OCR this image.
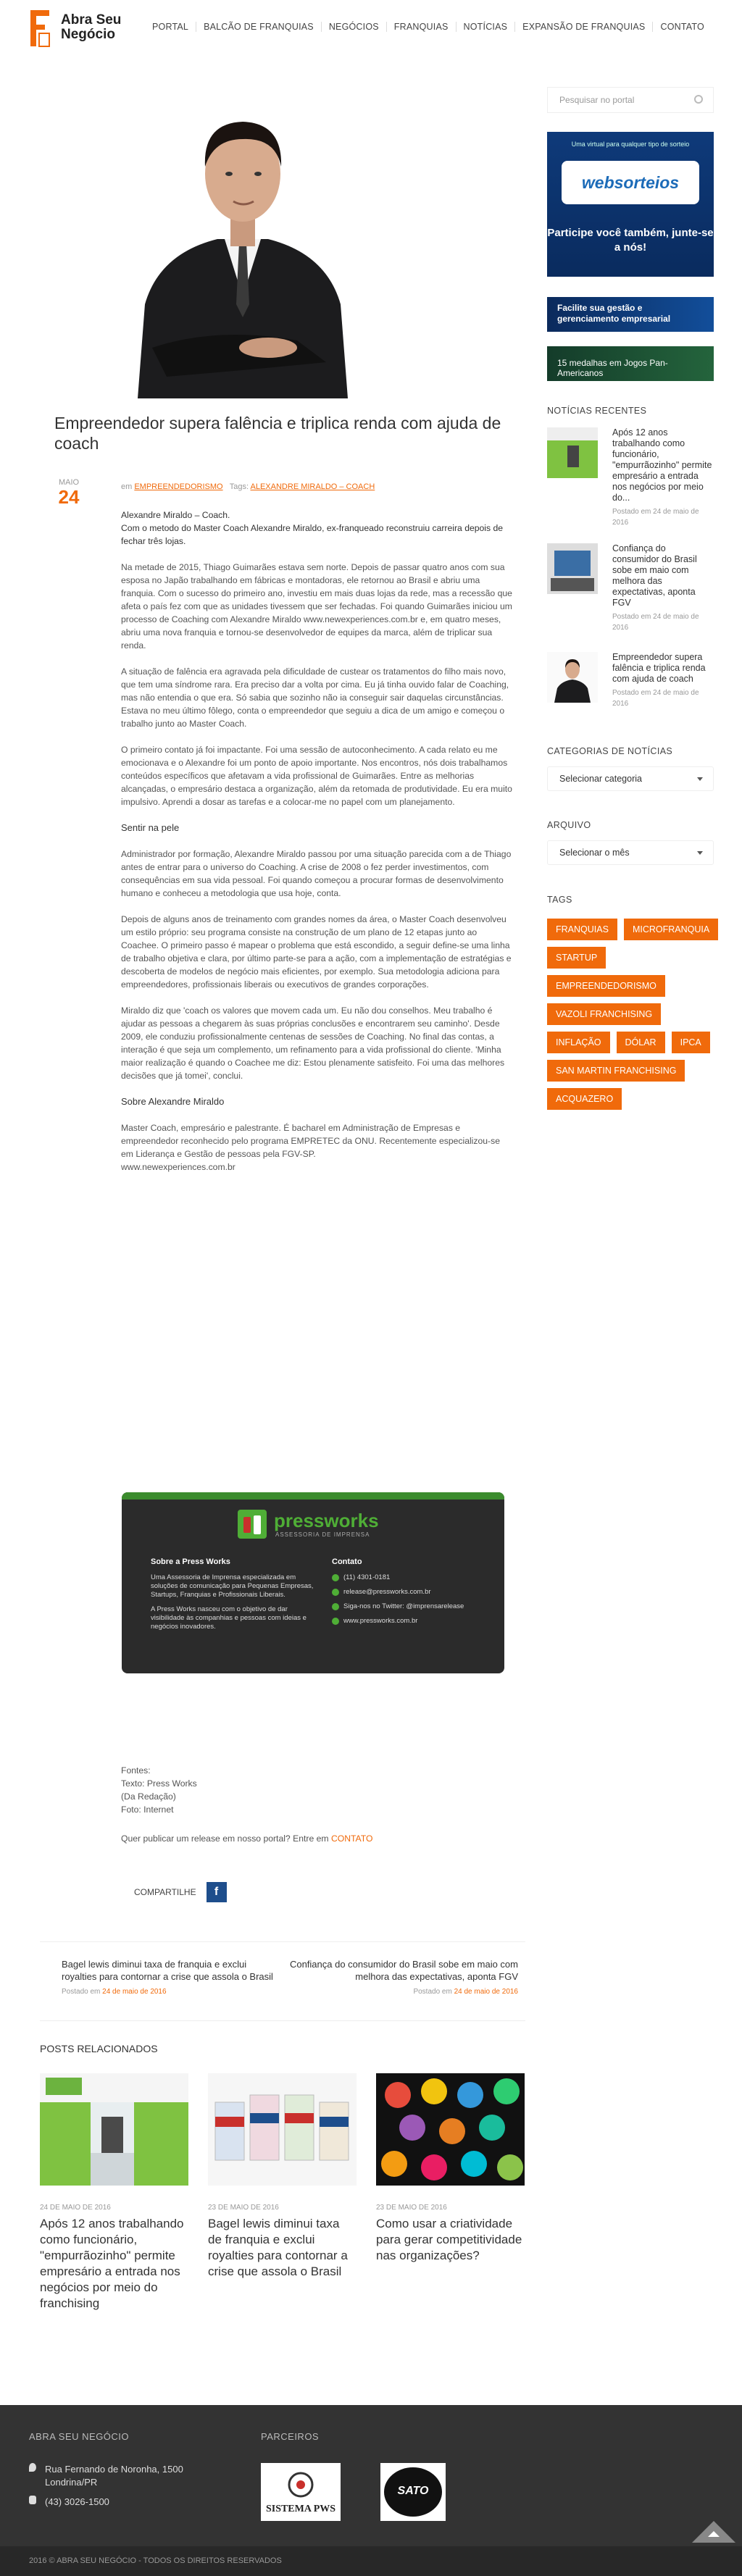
Abra Seu
Negócio	PORTAL	BALCÃO DE FRANQUIAS	NEGÓCIOS	FRANQUIAS	NOTÍCIAS	EXPANSÃO DE FRANQUIAS	CONTATO
Empreendedor supera falência e triplica renda com ajuda de coach
MAIO
24	em EMPREENDEDORISMO Tags: ALEXANDRE MIRALDO – COACH

Alexandre Miraldo – Coach.
Com o metodo do Master Coach Alexandre Miraldo, ex-franqueado reconstruiu carreira depois de fechar três lojas.

Na metade de 2015, Thiago Guimarães estava sem norte. Depois de passar quatro anos com sua esposa no Japão trabalhando em fábricas e montadoras, ele retornou ao Brasil e abriu uma franquia. Com o sucesso do primeiro ano, investiu em mais duas lojas da rede, mas a recessão que afeta o país fez com que as unidades tivessem que ser fechadas. Foi quando Guimarães iniciou um processo de Coaching com Alexandre Miraldo www.newexperiences.com.br e, em quatro meses, abriu uma nova franquia e tornou-se desenvolvedor de equipes da marca, além de triplicar sua renda.

A situação de falência era agravada pela dificuldade de custear os tratamentos do filho mais novo, que tem uma síndrome rara. Era preciso dar a volta por cima. Eu já tinha ouvido falar de Coaching, mas não entendia o que era. Só sabia que sozinho não ia conseguir sair daquelas circunstâncias. Estava no meu último fôlego, conta o empreendedor que seguiu a dica de um amigo e começou o trabalho junto ao Master Coach.

O primeiro contato já foi impactante. Foi uma sessão de autoconhecimento. A cada relato eu me emocionava e o Alexandre foi um ponto de apoio importante. Nos encontros, nós dois trabalhamos conteúdos específicos que afetavam a vida profissional de Guimarães. Entre as melhorias alcançadas, o empresário destaca a organização, além da retomada de produtividade. Eu era muito impulsivo. Aprendi a dosar as tarefas e a colocar-me no papel com um planejamento.

Sentir na pele

Administrador por formação, Alexandre Miraldo passou por uma situação parecida com a de Thiago antes de entrar para o universo do Coaching. A crise de 2008 o fez perder investimentos, com consequências em sua vida pessoal. Foi quando começou a procurar formas de desenvolvimento humano e conheceu a metodologia que usa hoje, conta.

Depois de alguns anos de treinamento com grandes nomes da área, o Master Coach desenvolveu um estilo próprio: seu programa consiste na construção de um plano de 12 etapas junto ao Coachee. O primeiro passo é mapear o problema que está escondido, a seguir define-se uma linha de trabalho objetiva e clara, por último parte-se para a ação, com a implementação de estratégias e descoberta de modelos de negócio mais eficientes, por exemplo. Sua metodologia adiciona para empreendedores, profissionais liberais ou executivos de grandes corporações.

Miraldo diz que 'coach os valores que movem cada um. Eu não dou conselhos. Meu trabalho é ajudar as pessoas a chegarem às suas próprias conclusões e encontrarem seu caminho'. Desde 2009, ele conduziu profissionalmente centenas de sessões de Coaching. No final das contas, a interação é que seja um complemento, um refinamento para a vida profissional do cliente. 'Minha maior realização é quando o Coachee me diz: Estou plenamente satisfeito. Foi uma das melhores decisões que já tomei', conclui.

Sobre Alexandre Miraldo

Master Coach, empresário e palestrante. É bacharel em Administração de Empresas e empreendedor reconhecido pelo programa EMPRETEC da ONU. Recentemente especializou-se em Liderança e Gestão de pessoas pela FGV-SP.
www.newexperiences.com.br

pressworks
ASSESSORIA DE IMPRENSA
Sobre a Press Works

Uma Assessoria de Imprensa especializada em soluções de comunicação para Pequenas Empresas, Startups, Franquias e Profissionais Liberais.

A Press Works nasceu com o objetivo de dar visibilidade às companhias e pessoas com ideias e negócios inovadores.

Contato
(11) 4301-0181
release@pressworks.com.br
Siga-nos no Twitter: @imprensarelease
www.pressworks.com.br
Fontes:
Texto: Press Works
(Da Redação)
Foto: Internet
Quer publicar um release em nosso portal? Entre em CONTATO
COMPARTILHE	f
Bagel lewis diminui taxa de franquia e exclui royalties para contornar a crise que assola o Brasil
Postado em 24 de maio de 2016
Confiança do consumidor do Brasil sobe em maio com melhora das expectativas, aponta FGV
Postado em 24 de maio de 2016
POSTS RELACIONADOS
24 DE MAIO DE 2016
Após 12 anos trabalhando como funcionário, "empurrãozinho" permite empresário a entrada nos negócios por meio do franchising
23 DE MAIO DE 2016
Bagel lewis diminui taxa de franquia e exclui royalties para contornar a crise que assola o Brasil
23 DE MAIO DE 2016
Como usar a criatividade para gerar competitividade nas organizações?
Pesquisar no portal
Uma virtual para qualquer tipo de sorteio
websorteios
Participe você também, junte-se a nós!
Facilite sua gestão e gerenciamento empresarial
15 medalhas em Jogos Pan-Americanos
NOTÍCIAS RECENTES
Após 12 anos trabalhando como funcionário, "empurrãozinho" permite empresário a entrada nos negócios por meio do...
Postado em 24 de maio de 2016
Confiança do consumidor do Brasil sobe em maio com melhora das expectativas, aponta FGV
Postado em 24 de maio de 2016
Empreendedor supera falência e triplica renda com ajuda de coach
Postado em 24 de maio de 2016
CATEGORIAS DE NOTÍCIAS
Selecionar categoria
ARQUIVO
Selecionar o mês
TAGS
FRANQUIAS	MICROFRANQUIA
STARTUP
EMPREENDEDORISMO
VAZOLI FRANCHISING
INFLAÇÃO	DÓLAR	IPCA
SAN MARTIN FRANCHISING
ACQUAZERO
ABRA SEU NEGÓCIO
Rua Fernando de Noronha, 1500
Londrina/PR
(43) 3026-1500
PARCEIROS
SISTEMA PWS
SATO
2016 © ABRA SEU NEGÓCIO - TODOS OS DIREITOS RESERVADOS
